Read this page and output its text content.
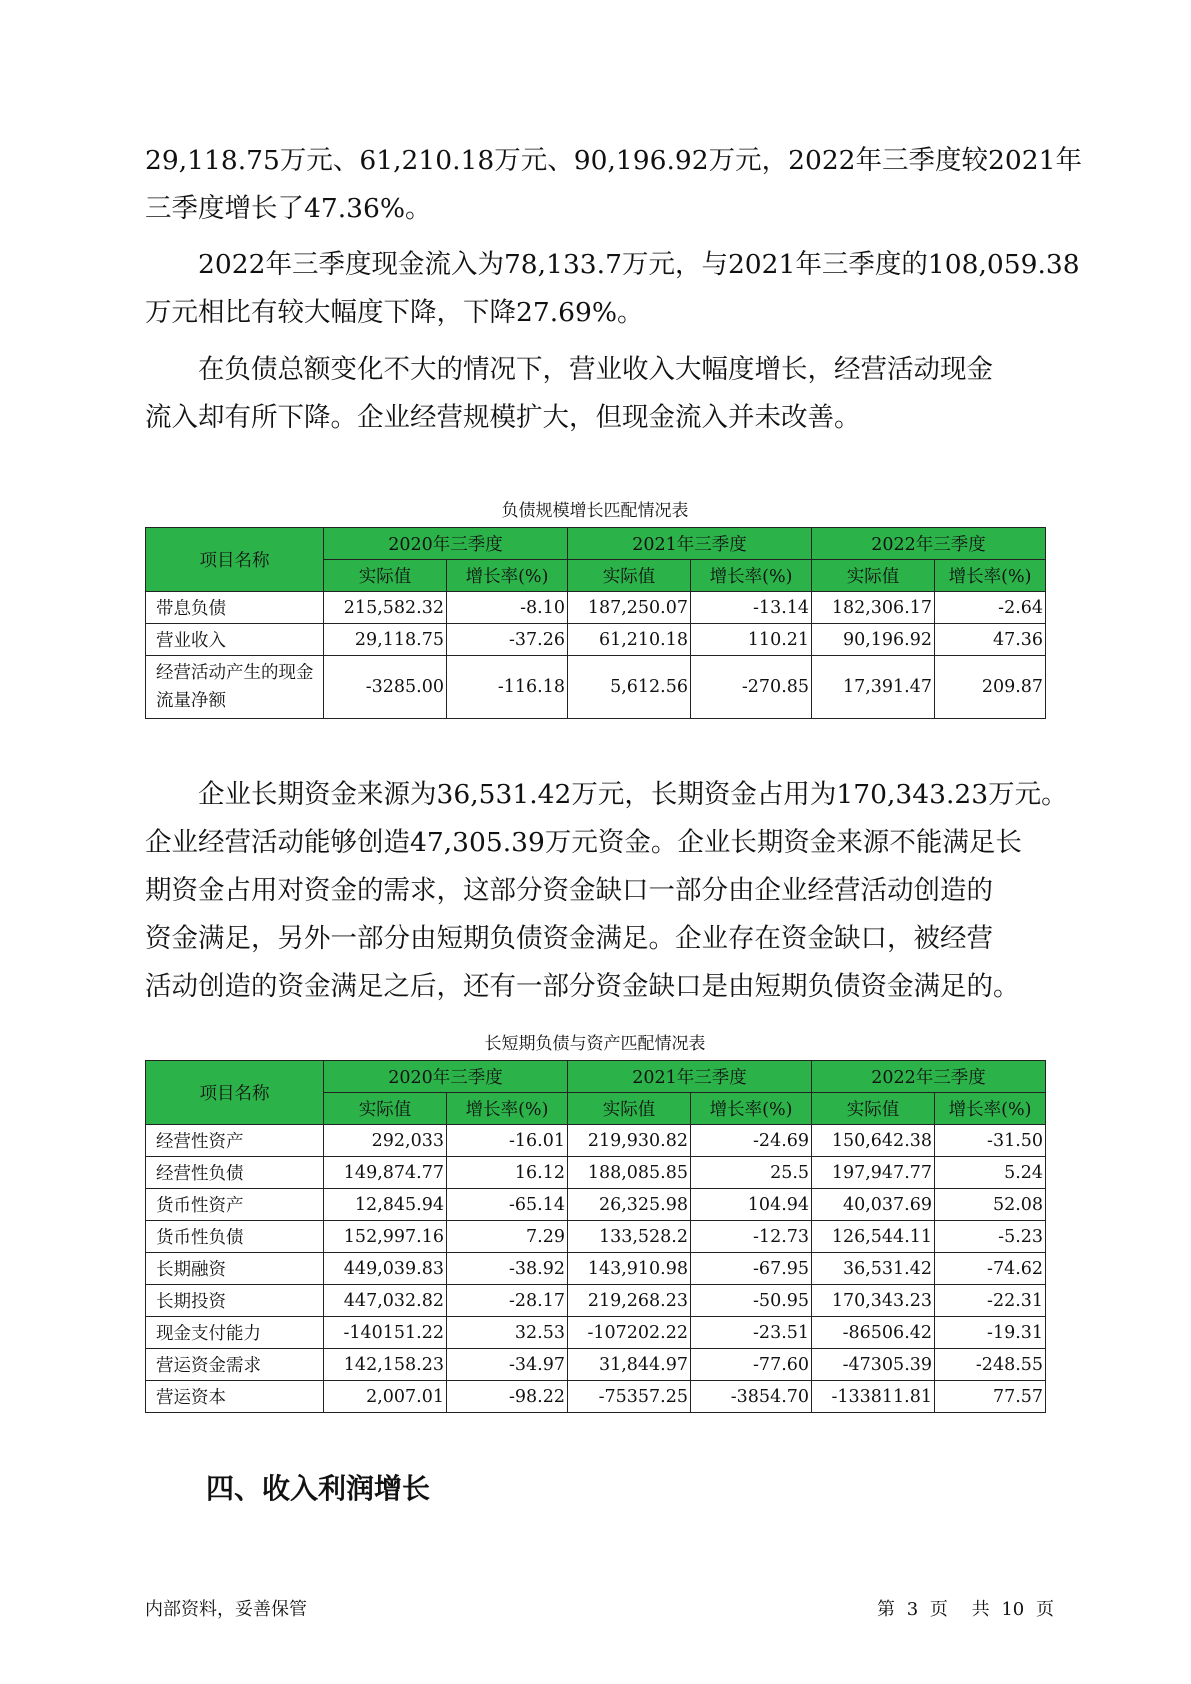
29,118.75万元、61,210.18万元、90,196.92万元，2022年三季度较2021年
三季度增长了47.36%。

2022年三季度现金流入为78,133.7万元，与2021年三季度的108,059.38
万元相比有较大幅度下降，下降27.69%。

在负债总额变化不大的情况下，营业收入大幅度增长，经营活动现金
流入却有所下降。企业经营规模扩大，但现金流入并未改善。

负债规模增长匹配情况表
项目名称	2020年三季度		2021年三季度		2022年三季度	
	实际值	增长率(%)	实际值	增长率(%)	实际值	增长率(%)
带息负债	215,582.32	-8.10	187,250.07	-13.14	182,306.17	-2.64
营业收入	29,118.75	-37.26	61,210.18	110.21	90,196.92	47.36
经营活动产生的现金流量净额	-3285.00	-116.18	5,612.56	-270.85	17,391.47	209.87

企业长期资金来源为36,531.42万元，长期资金占用为170,343.23万元。
企业经营活动能够创造47,305.39万元资金。企业长期资金来源不能满足长
期资金占用对资金的需求，这部分资金缺口一部分由企业经营活动创造的
资金满足，另外一部分由短期负债资金满足。企业存在资金缺口，被经营
活动创造的资金满足之后，还有一部分资金缺口是由短期负债资金满足的。

长短期负债与资产匹配情况表
项目名称	2020年三季度		2021年三季度		2022年三季度	
	实际值	增长率(%)	实际值	增长率(%)	实际值	增长率(%)
经营性资产	292,033	-16.01	219,930.82	-24.69	150,642.38	-31.50
经营性负债	149,874.77	16.12	188,085.85	25.5	197,947.77	5.24
货币性资产	12,845.94	-65.14	26,325.98	104.94	40,037.69	52.08
货币性负债	152,997.16	7.29	133,528.2	-12.73	126,544.11	-5.23
长期融资	449,039.83	-38.92	143,910.98	-67.95	36,531.42	-74.62
长期投资	447,032.82	-28.17	219,268.23	-50.95	170,343.23	-22.31
现金支付能力	-140151.22	32.53	-107202.22	-23.51	-86506.42	-19.31
营运资金需求	142,158.23	-34.97	31,844.97	-77.60	-47305.39	-248.55
营运资本	2,007.01	-98.22	-75357.25	-3854.70	-133811.81	77.57
四、收入利润增长
内部资料，妥善保管	第 3 页 共 10 页
